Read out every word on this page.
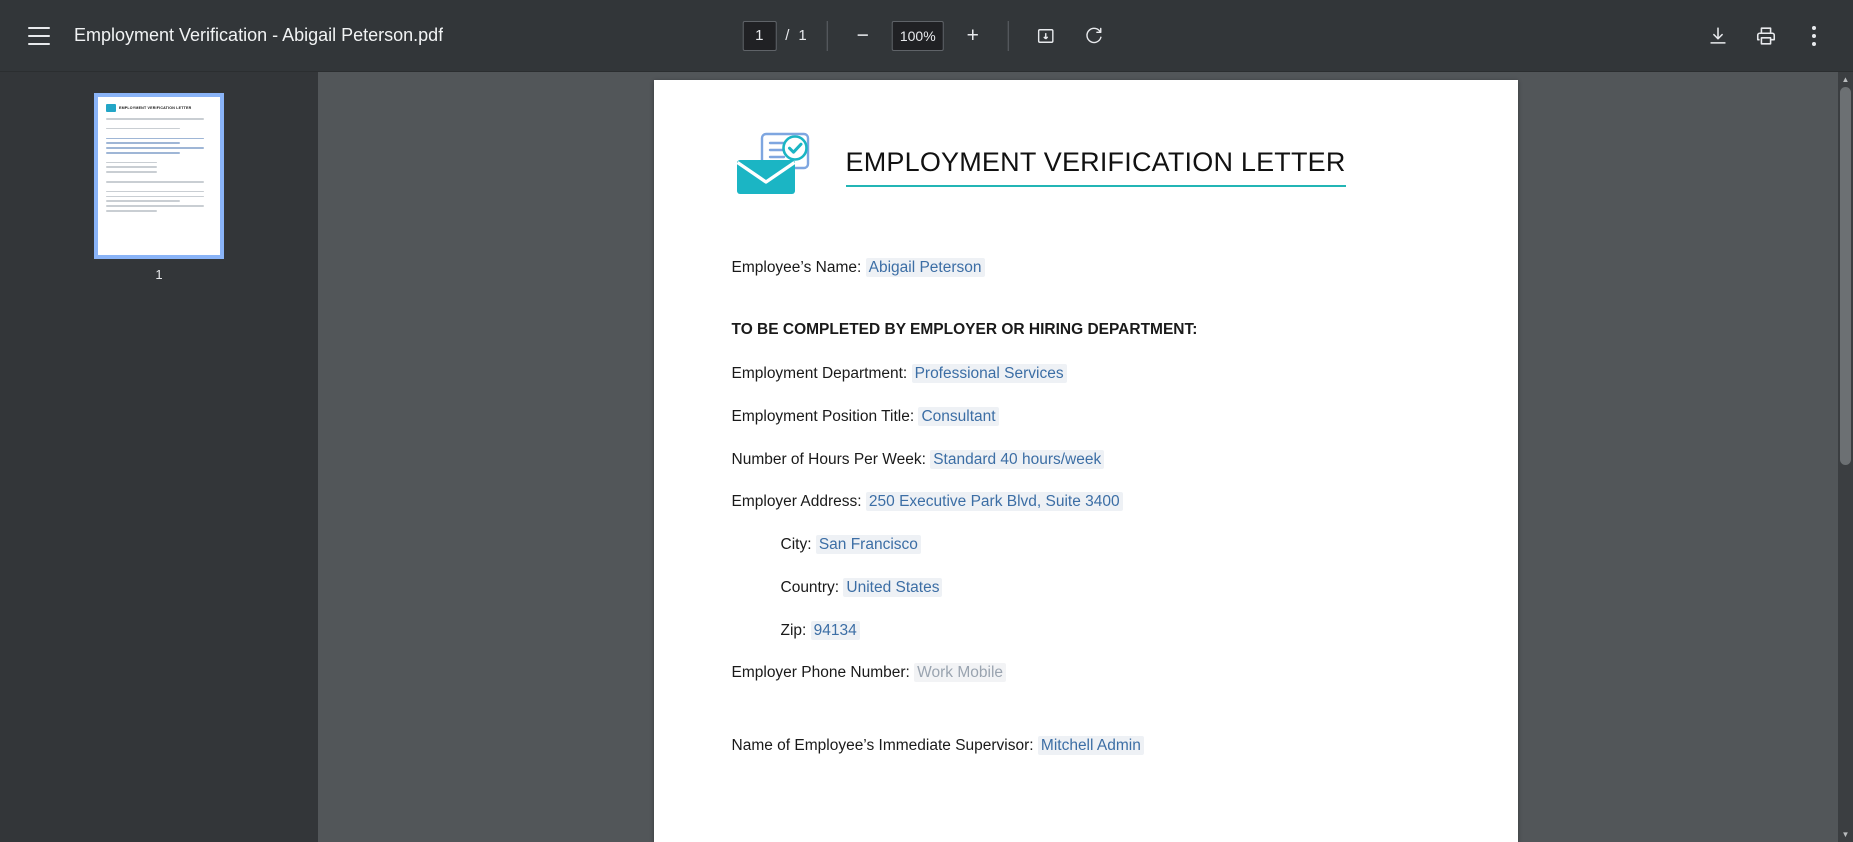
Employment Verification - Abigail Peterson.pdf
1	/ 1	−	100%	+
EMPLOYMENT VERIFICATION LETTER
1
EMPLOYMENT VERIFICATION LETTER
Employee’s Name: Abigail Peterson
TO BE COMPLETED BY EMPLOYER OR HIRING DEPARTMENT:
Employment Department: Professional Services
Employment Position Title: Consultant
Number of Hours Per Week: Standard 40 hours/week
Employer Address: 250 Executive Park Blvd, Suite 3400
City: San Francisco
Country: United States
Zip: 94134
Employer Phone Number: Work Mobile
Name of Employee’s Immediate Supervisor: Mitchell Admin
▲
▼
